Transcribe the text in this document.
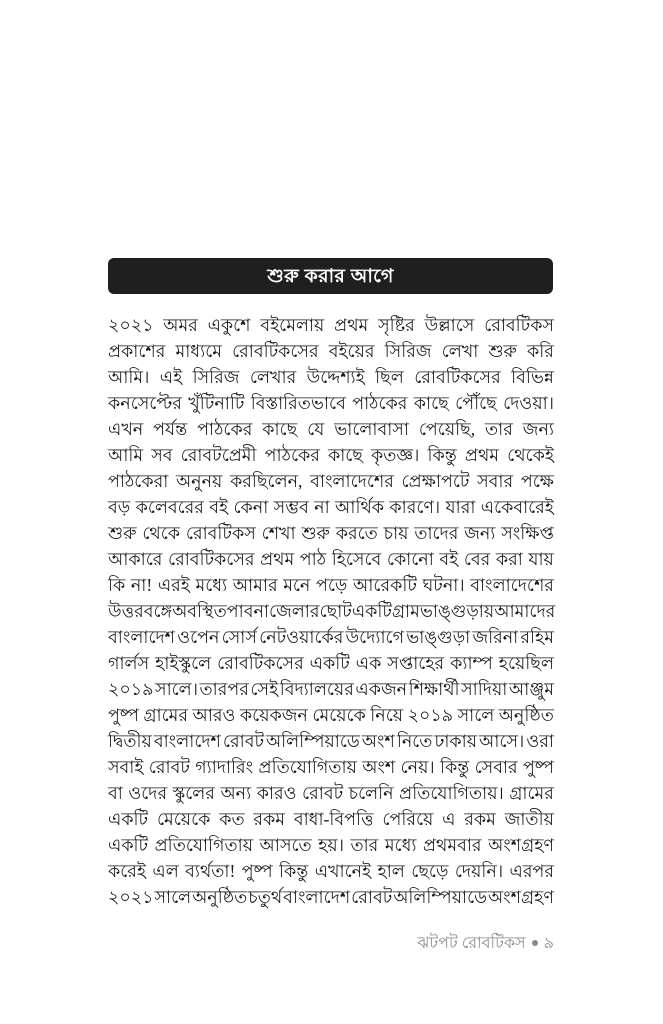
শুরু করার আগে
২০২১ অমর একুশে বইমেলায় প্রথম সৃষ্টির উল্লাসে রোবটিকস
প্রকাশের মাধ্যমে রোবটিকসের বইয়ের সিরিজ লেখা শুরু করি
আমি। এই সিরিজ লেখার উদ্দেশ্যই ছিল রোবটিকসের বিভিন্ন
কনসেপ্টের খুঁটিনাটি বিস্তারিতভাবে পাঠকের কাছে পৌঁছে দেওয়া।
এখন পর্যন্ত পাঠকের কাছে যে ভালোবাসা পেয়েছি, তার জন্য
আমি সব রোবটপ্রেমী পাঠকের কাছে কৃতজ্ঞ। কিন্তু প্রথম থেকেই
পাঠকেরা অনুনয় করছিলেন, বাংলাদেশের প্রেক্ষাপটে সবার পক্ষে
বড় কলেবরের বই কেনা সম্ভব না আর্থিক কারণে। যারা একেবারেই
শুরু থেকে রোবটিকস শেখা শুরু করতে চায় তাদের জন্য সংক্ষিপ্ত
আকারে রোবটিকসের প্রথম পাঠ হিসেবে কোনো বই বের করা যায়
কি না! এরই মধ্যে আমার মনে পড়ে আরেকটি ঘটনা। বাংলাদেশের
উত্তরবঙ্গে অবস্থিত পাবনা জেলার ছোট একটি গ্রাম ভাঙ্গুড়ায় আমাদের
বাংলাদেশ ওপেন সোর্স নেটওয়ার্কের উদ্যোগে ভাঙ্গুড়া জরিনা রহিম
গার্লস হাইস্কুলে রোবটিকসের একটি এক সপ্তাহের ক্যাম্প হয়েছিল
২০১৯ সালে। তারপর সেই বিদ্যালয়ের একজন শিক্ষার্থী সাদিয়া আঞ্জুম
পুষ্প গ্রামের আরও কয়েকজন মেয়েকে নিয়ে ২০১৯ সালে অনুষ্ঠিত
দ্বিতীয় বাংলাদেশ রোবট অলিম্পিয়াডে অংশ নিতে ঢাকায় আসে। ওরা
সবাই রোবট গ্যাদারিং প্রতিযোগিতায় অংশ নেয়। কিন্তু সেবার পুষ্প
বা ওদের স্কুলের অন্য কারও রোবট চলেনি প্রতিযোগিতায়। গ্রামের
একটি মেয়েকে কত রকম বাধা-বিপত্তি পেরিয়ে এ রকম জাতীয়
একটি প্রতিযোগিতায় আসতে হয়। তার মধ্যে প্রথমবার অংশগ্রহণ
করেই এল ব্যর্থতা! পুষ্প কিন্তু এখানেই হাল ছেড়ে দেয়নি। এরপর
২০২১ সালে অনুষ্ঠিত চতুর্থ বাংলাদেশ রোবট অলিম্পিয়াডে অংশগ্রহণ
ঝটপট রোবটিকস ৯
